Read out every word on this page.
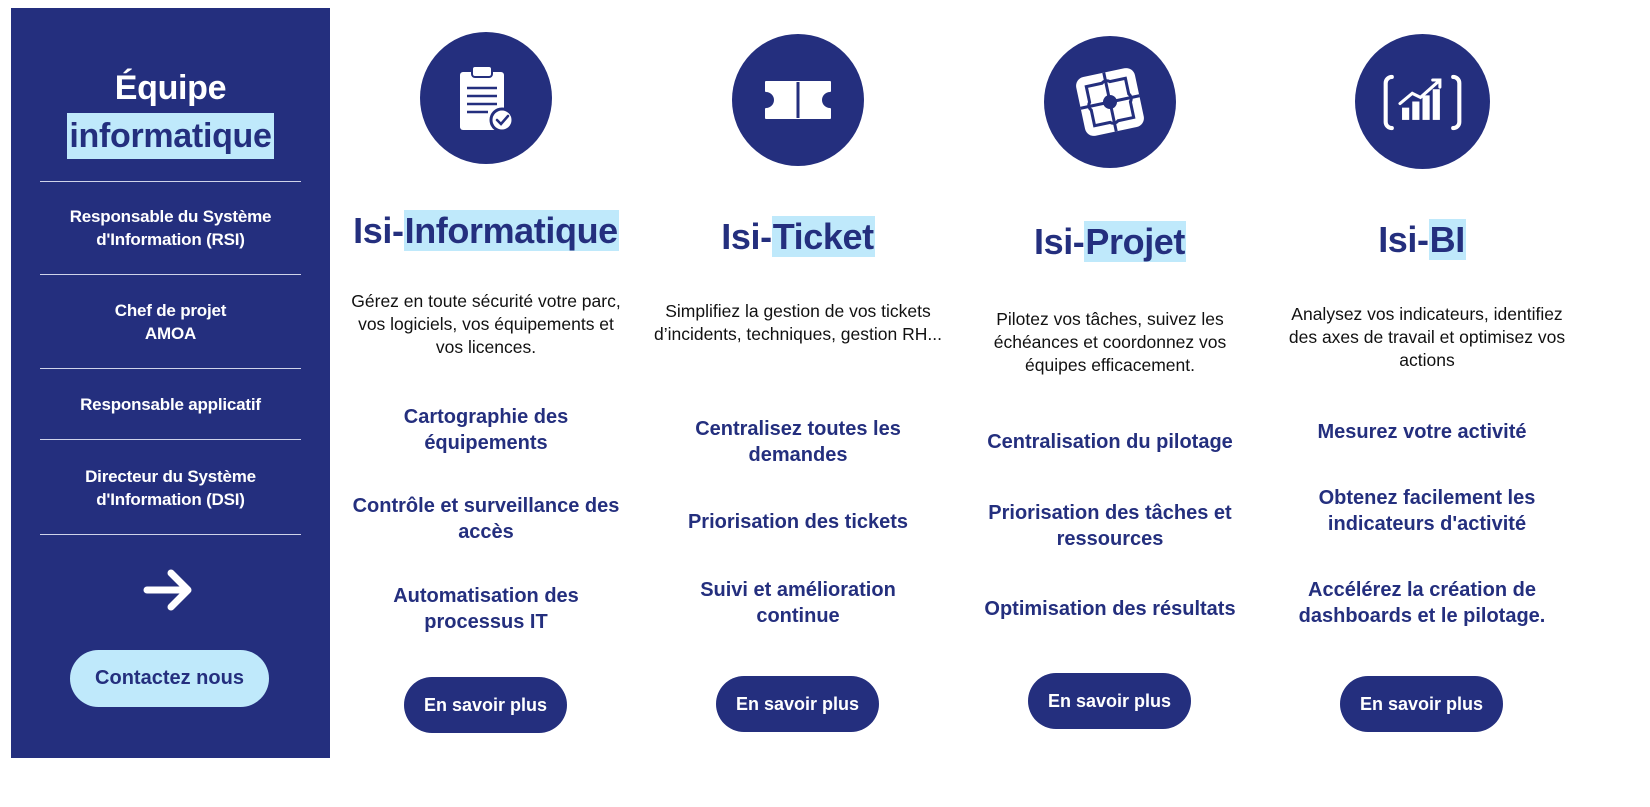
Équipe
informatique
Responsable du Système
d'Information (RSI)
Chef de projet
AMOA
Responsable applicatif
Directeur du Système
d'Information (DSI)
Contactez nous
Isi-Informatique
Gérez en toute sécurité votre parc, vos logiciels, vos équipements et vos licences.
Cartographie des équipements
Contrôle et surveillance des accès
Automatisation des processus IT
En savoir plus
Isi-Ticket
Simplifiez la gestion de vos tickets d’incidents, techniques, gestion RH...
Centralisez toutes les demandes
Priorisation des tickets
Suivi et amélioration continue
En savoir plus
Isi-Projet
Pilotez vos tâches, suivez les échéances et coordonnez vos équipes efficacement.
Centralisation du pilotage
Priorisation des tâches et ressources
Optimisation des résultats
En savoir plus
Isi-BI
Analysez vos indicateurs, identifiez des axes de travail et optimisez vos actions
Mesurez votre activité
Obtenez facilement les indicateurs d'activité
Accélérez la création de dashboards et le pilotage.
En savoir plus
